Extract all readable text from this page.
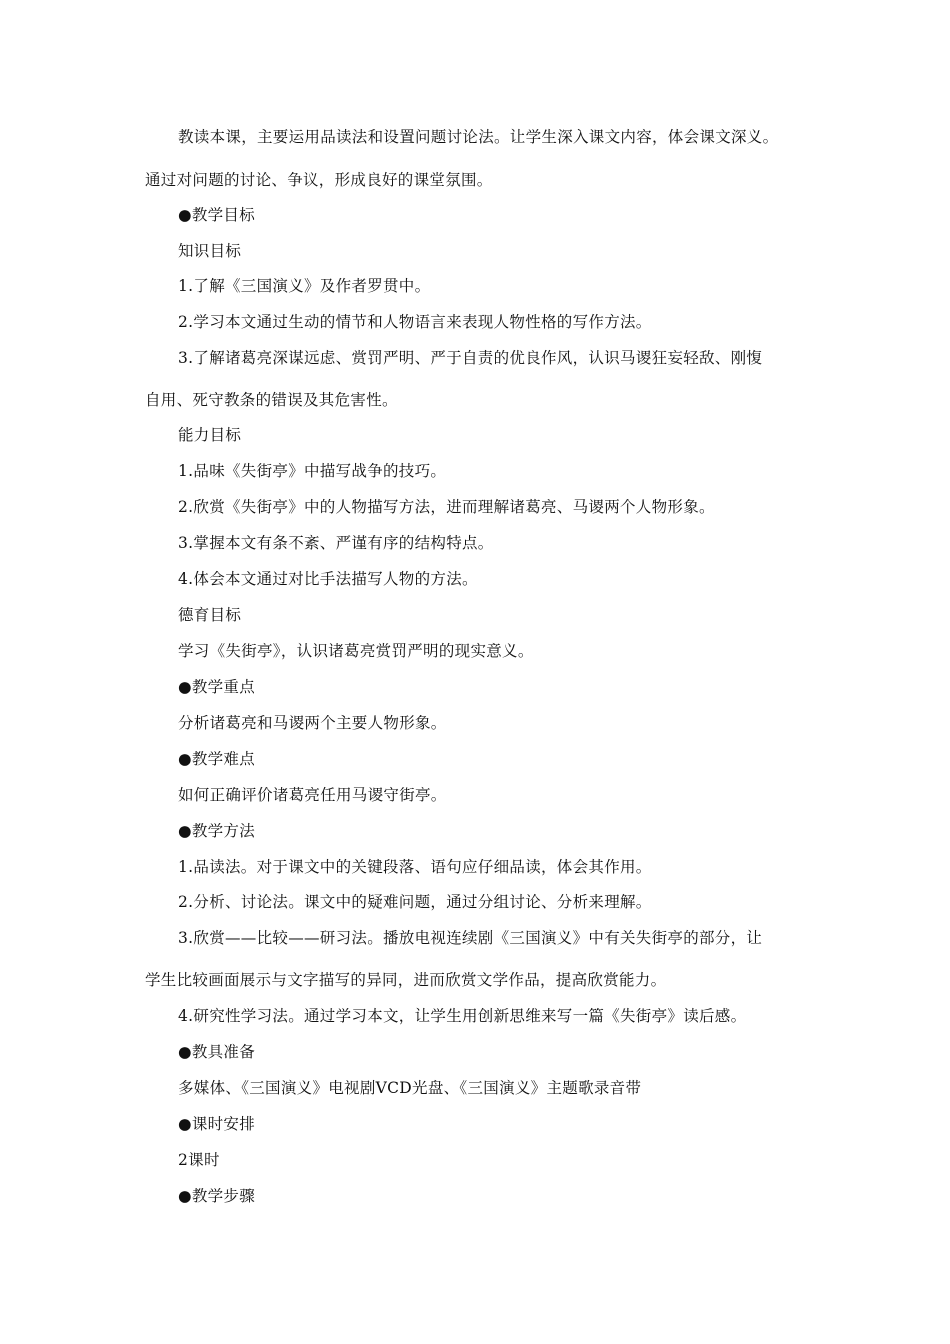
教读本课，主要运用品读法和设置问题讨论法。让学生深入课文内容，体会课文深义。
通过对问题的讨论、争议，形成良好的课堂氛围。
●教学目标
知识目标
1.了解《三国演义》及作者罗贯中。
2.学习本文通过生动的情节和人物语言来表现人物性格的写作方法。
3.了解诸葛亮深谋远虑、赏罚严明、严于自责的优良作风，认识马谡狂妄轻敌、刚愎
自用、死守教条的错误及其危害性。
能力目标
1.品味《失街亭》中描写战争的技巧。
2.欣赏《失街亭》中的人物描写方法，进而理解诸葛亮、马谡两个人物形象。
3.掌握本文有条不紊、严谨有序的结构特点。
4.体会本文通过对比手法描写人物的方法。
德育目标
学习《失街亭》，认识诸葛亮赏罚严明的现实意义。
●教学重点
分析诸葛亮和马谡两个主要人物形象。
●教学难点
如何正确评价诸葛亮任用马谡守街亭。
●教学方法
1.品读法。对于课文中的关键段落、语句应仔细品读，体会其作用。
2.分析、讨论法。课文中的疑难问题，通过分组讨论、分析来理解。
3.欣赏——比较——研习法。播放电视连续剧《三国演义》中有关失街亭的部分，让
学生比较画面展示与文字描写的异同，进而欣赏文学作品，提高欣赏能力。
4.研究性学习法。通过学习本文，让学生用创新思维来写一篇《失街亭》读后感。
●教具准备
多媒体、《三国演义》电视剧VCD光盘、《三国演义》主题歌录音带
●课时安排
2课时
●教学步骤
